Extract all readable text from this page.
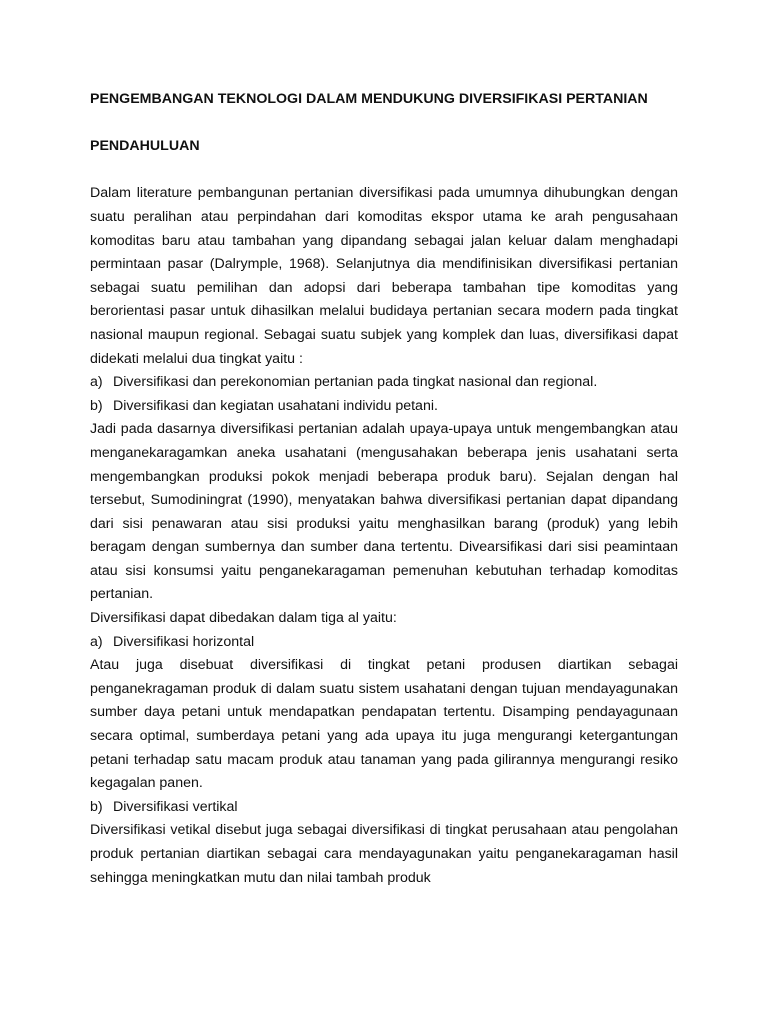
PENGEMBANGAN TEKNOLOGI DALAM MENDUKUNG DIVERSIFIKASI PERTANIAN
PENDAHULUAN

Dalam literature pembangunan pertanian diversifikasi pada umumnya dihubungkan dengan suatu peralihan atau perpindahan dari komoditas ekspor utama ke arah pengusahaan komoditas baru atau tambahan yang dipandang sebagai jalan keluar dalam menghadapi permintaan pasar (Dalrymple, 1968). Selanjutnya dia mendifinisikan diversifikasi pertanian sebagai suatu pemilihan dan adopsi dari beberapa tambahan tipe komoditas yang berorientasi pasar untuk dihasilkan melalui budidaya pertanian secara modern pada tingkat nasional maupun regional. Sebagai suatu subjek yang komplek dan luas, diversifikasi dapat didekati melalui dua tingkat yaitu :

a) Diversifikasi dan perekonomian pertanian pada tingkat nasional dan regional.
b) Diversifikasi dan kegiatan usahatani individu petani.

Jadi pada dasarnya diversifikasi pertanian adalah upaya-upaya untuk mengembangkan atau menganekaragamkan aneka usahatani (mengusahakan beberapa jenis usahatani serta mengembangkan produksi pokok menjadi beberapa produk baru). Sejalan dengan hal tersebut, Sumodiningrat (1990), menyatakan bahwa diversifikasi pertanian dapat dipandang dari sisi penawaran atau sisi produksi yaitu menghasilkan barang (produk) yang lebih beragam dengan sumbernya dan sumber dana tertentu. Divearsifikasi dari sisi peamintaan atau sisi konsumsi yaitu penganekaragaman pemenuhan kebutuhan terhadap komoditas pertanian.

Diversifikasi dapat dibedakan dalam tiga al yaitu:

a) Diversifikasi horizontal

Atau juga disebuat diversifikasi di tingkat petani produsen diartikan sebagai penganekragaman produk di dalam suatu sistem usahatani dengan tujuan mendayagunakan sumber daya petani untuk mendapatkan pendapatan tertentu. Disamping pendayagunaan secara optimal, sumberdaya petani yang ada upaya itu juga mengurangi ketergantungan petani terhadap satu macam produk atau tanaman yang pada gilirannya mengurangi resiko kegagalan panen.

b) Diversifikasi vertikal

Diversifikasi vetikal disebut juga sebagai diversifikasi di tingkat perusahaan atau pengolahan produk pertanian diartikan sebagai cara mendayagunakan yaitu penganekaragaman hasil sehingga meningkatkan mutu dan nilai tambah produk
